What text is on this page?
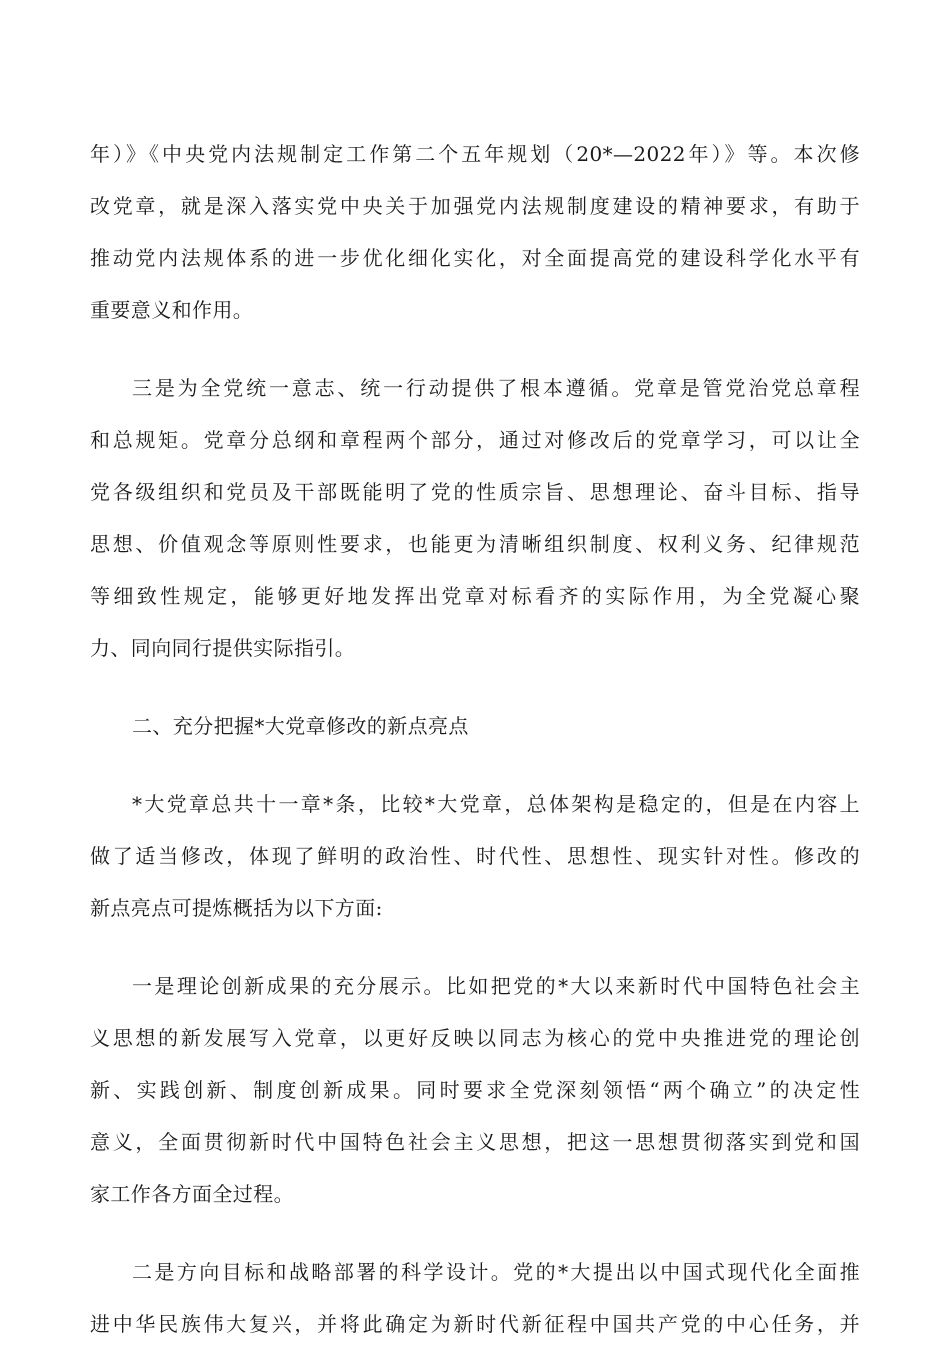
年）》《中央党内法规制定工作第二个五年规划（20*—2022年）》等。本次修
改党章，就是深入落实党中央关于加强党内法规制度建设的精神要求，有助于
推动党内法规体系的进一步优化细化实化，对全面提高党的建设科学化水平有
重要意义和作用。
三是为全党统一意志、统一行动提供了根本遵循。党章是管党治党总章程
和总规矩。党章分总纲和章程两个部分，通过对修改后的党章学习，可以让全
党各级组织和党员及干部既能明了党的性质宗旨、思想理论、奋斗目标、指导
思想、价值观念等原则性要求，也能更为清晰组织制度、权利义务、纪律规范
等细致性规定，能够更好地发挥出党章对标看齐的实际作用，为全党凝心聚
力、同向同行提供实际指引。
二、充分把握*大党章修改的新点亮点
*大党章总共十一章*条，比较*大党章，总体架构是稳定的，但是在内容上
做了适当修改，体现了鲜明的政治性、时代性、思想性、现实针对性。修改的
新点亮点可提炼概括为以下方面:
一是理论创新成果的充分展示。比如把党的*大以来新时代中国特色社会主
义思想的新发展写入党章，以更好反映以同志为核心的党中央推进党的理论创
新、实践创新、制度创新成果。同时要求全党深刻领悟“两个确立”的决定性
意义，全面贯彻新时代中国特色社会主义思想，把这一思想贯彻落实到党和国
家工作各方面全过程。
二是方向目标和战略部署的科学设计。党的*大提出以中国式现代化全面推
进中华民族伟大复兴，并将此确定为新时代新征程中国共产党的中心任务，并
